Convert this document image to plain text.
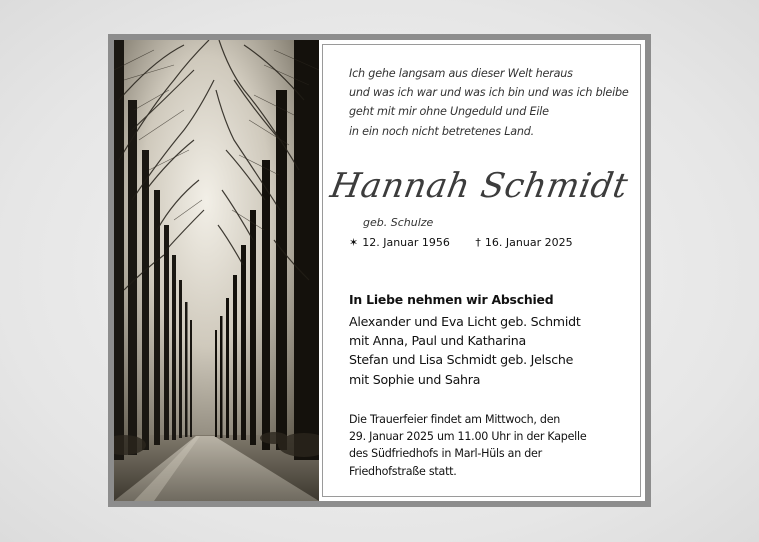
Ich gehe langsam aus dieser Welt heraus
und was ich war und was ich bin und was ich bleibe
geht mit mir ohne Ungeduld und Eile
in ein noch nicht betretenes Land.
Hannah Schmidt
geb. Schulze
✶ 12. Januar 1956 † 16. Januar 2025
In Liebe nehmen wir Abschied
Alexander und Eva Licht geb. Schmidt
mit Anna, Paul und Katharina
Stefan und Lisa Schmidt geb. Jelsche
mit Sophie und Sahra
Die Trauerfeier findet am Mittwoch, den
29. Januar 2025 um 11.00 Uhr in der Kapelle
des Südfriedhofs in Marl-Hüls an der
Friedhofstraße statt.
